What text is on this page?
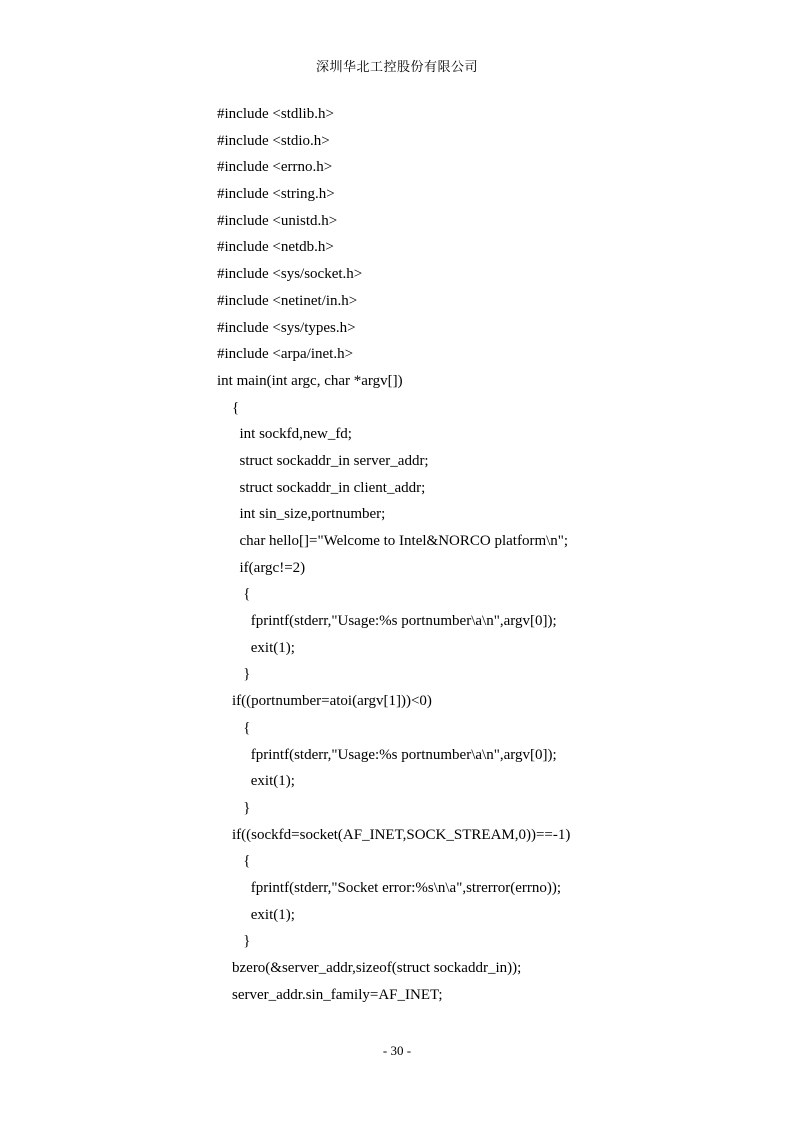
深圳华北工控股份有限公司
#include <stdlib.h>
#include <stdio.h>
#include <errno.h>
#include <string.h>
#include <unistd.h>
#include <netdb.h>
#include <sys/socket.h>
#include <netinet/in.h>
#include <sys/types.h>
#include <arpa/inet.h>
int main(int argc, char *argv[])
{
int sockfd,new_fd;
struct sockaddr_in server_addr;
struct sockaddr_in client_addr;
int sin_size,portnumber;
char hello[]="Welcome to Intel&NORCO platform\n";
if(argc!=2)
{
fprintf(stderr,"Usage:%s portnumber\a\n",argv[0]);
exit(1);
}
if((portnumber=atoi(argv[1]))<0)
{
fprintf(stderr,"Usage:%s portnumber\a\n",argv[0]);
exit(1);
}
if((sockfd=socket(AF_INET,SOCK_STREAM,0))==-1)
{
fprintf(stderr,"Socket error:%s\n\a",strerror(errno));
exit(1);
}
bzero(&server_addr,sizeof(struct sockaddr_in));
server_addr.sin_family=AF_INET;
- 30 -
